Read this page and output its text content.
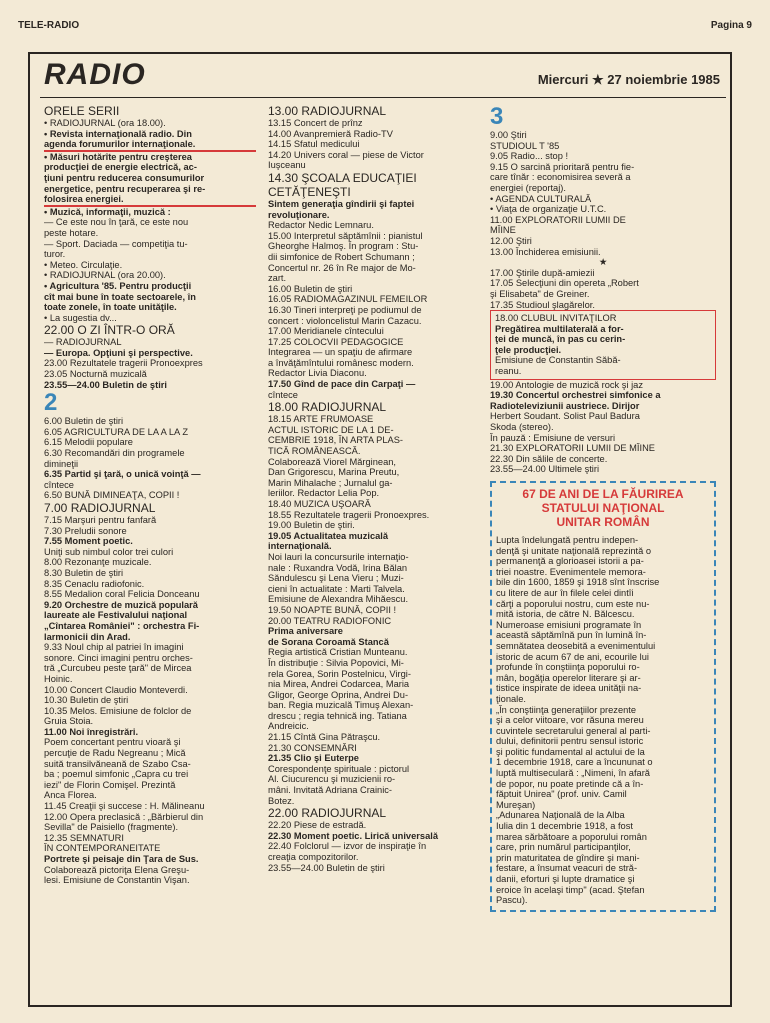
TELE-RADIO	Pagina 9
RADIO	Miercuri ★ 27 noiembrie 1985
ORELE SERII
• RADIOJURNAL (ora 18.00).
• Revista internaţională radio. Din
agenda forumurilor internaţionale.
• Măsuri hotărîte pentru creşterea
producţiei de energie electrică, ac-
ţiuni pentru reducerea consumurilor
energetice, pentru recuperarea şi re-
folosirea energiei.
• Muzică, informaţii, muzică :
— Ce este nou în ţară, ce este nou
peste hotare.
— Sport. Daciada — competiţia tu-
turor.
• Meteo. Circulaţie.
• RADIOJURNAL (ora 20.00).
• Agricultura '85. Pentru producţii
cît mai bune în toate sectoarele, în
toate zonele, în toate unităţile.
• La sugestia dv...
22.00 O ZI ÎNTR-O ORĂ
— RADIOJURNAL
— Europa. Opţiuni şi perspective.
23.00 Rezultatele tragerii Pronoexpres
23.05 Nocturnă muzicală
23.55—24.00 Buletin de ştiri
2
6.00 Buletin de ştiri
6.05 AGRICULTURA DE LA A LA Z
6.15 Melodii populare
6.30 Recomandări din programele
dimineţii
6.35 Partid şi ţară, o unică voinţă —
cîntece
6.50 BUNĂ DIMINEAŢA, COPII !
7.00 RADIOJURNAL
7.15 Marşuri pentru fanfară
7.30 Preludii sonore
7.55 Moment poetic.
Uniţi sub nimbul color trei culori
8.00 Rezonanţe muzicale.
8.30 Buletin de ştiri
8.35 Cenaclu radiofonic.
8.55 Medalion coral Felicia Donceanu
9.20 Orchestre de muzică populară
laureate ale Festivalului naţional
„Cîntarea României" : orchestra Fi-
larmonicii din Arad.
9.33 Noul chip al patriei în imagini
sonore. Cinci imagini pentru orches-
tră „Curcubeu peste ţară" de Mircea
Hoinic.
10.00 Concert Claudio Monteverdi.
10.30 Buletin de ştiri
10.35 Melos. Emisiune de folclor de
Gruia Stoia.
11.00 Noi înregistrări.
Poem concertant pentru vioară şi
percuţie de Radu Negreanu ; Mică
suită transilvăneană de Szabo Csa-
ba ; poemul simfonic „Capra cu trei
iezi" de Florin Comişel. Prezintă
Anca Florea.
11.45 Creaţii şi succese : H. Mălineanu
12.00 Opera preclasică : „Bărbierul din
Sevilla" de Paisiello (fragmente).
12.35 SEMNATURI
ÎN CONTEMPORANEITATE
Portrete şi peisaje din Ţara de Sus.
Colaborează pictoriţa Elena Greşu-
lesi. Emisiune de Constantin Vişan.
13.00 RADIOJURNAL
13.15 Concert de prînz
14.00 Avanpremieră Radio-TV
14.15 Sfatul medicului
14.20 Univers coral — piese de Victor
Iuşceanu
14.30 ŞCOALA EDUCAŢIEI
CETĂŢENEŞTI
Sintem generaţia gîndirii şi faptei
revoluţionare.
Redactor Nedic Lemnaru.
15.00 Interpretul săptămînii : pianistul
Gheorghe Halmoş. În program : Stu-
dii simfonice de Robert Schumann ;
Concertul nr. 26 în Re major de Mo-
zart.
16.00 Buletin de ştiri
16.05 RADIOMAGAZINUL FEMEILOR
16.30 Tineri interpreţi pe podiumul de
concert : violoncelistul Marin Cazacu.
17.00 Meridianele cîntecului
17.25 COLOCVII PEDAGOGICE
Integrarea — un spaţiu de afirmare
a învăţămîntului românesc modern.
Redactor Livia Diaconu.
17.50 Gînd de pace din Carpaţi —
cîntece
18.00 RADIOJURNAL
18.15 ARTE FRUMOASE
ACTUL ISTORIC DE LA 1 DE-
CEMBRIE 1918, ÎN ARTA PLAS-
TICĂ ROMÂNEASCĂ.
Colaborează Viorel Mărginean,
Dan Grigorescu, Marina Preutu,
Marin Mihalache ; Jurnalul ga-
leriilor. Redactor Lelia Pop.
18.40 MUZICA UŞOARĂ
18.55 Rezultatele tragerii Pronoexpres.
19.00 Buletin de ştiri.
19.05 Actualitatea muzicală
internaţională.
Noi lauri la concursurile internaţio-
nale : Ruxandra Vodă, Irina Bălan
Săndulescu şi Lena Vieru ; Muzi-
cieni în actualitate : Marti Talvela.
Emisiune de Alexandra Mihăescu.
19.50 NOAPTE BUNĂ, COPII !
20.00 TEATRU RADIOFONIC
Prima aniversare
de Sorana Coroamă Stancă
Regia artistică Cristian Munteanu.
În distribuţie : Silvia Popovici, Mi-
rela Gorea, Sorin Postelnicu, Virgi-
nia Mirea, Andrei Codarcea, Maria
Gligor, George Oprina, Andrei Du-
ban. Regia muzicală Timuş Alexan-
drescu ; regia tehnică ing. Tatiana
Andreicic.
21.15 Cîntă Gina Pătraşcu.
21.30 CONSEMNĂRI
21.35 Clio şi Euterpe
Corespondenţe spirituale : pictorul
Al. Ciucurencu şi muzicienii ro-
mâni. Invitată Adriana Crainic-
Botez.
22.00 RADIOJURNAL
22.20 Piese de estradă.
22.30 Moment poetic. Lirică universală
22.40 Folclorul — izvor de inspiraţie în
creaţia compozitorilor.
23.55—24.00 Buletin de ştiri
3
9.00 Ştiri
STUDIOUL T '85
9.05 Radio... stop !
9.15 O sarcină prioritară pentru fie-
care tînăr : economisirea severă a
energiei (reportaj).
• AGENDA CULTURALĂ
• Viaţa de organizaţie U.T.C.
11.00 EXPLORATORII LUMII DE
MÎINE
12.00 Ştiri
13.00 Închiderea emisiunii.
★
17.00 Ştirile după-amiezii
17.05 Selecţiuni din opereta „Robert
şi Elisabeta" de Greiner.
17.35 Studioul şlagărelor.
18.00 CLUBUL INVITAŢILOR
Pregătirea multilaterală a for-
ţei de muncă, în pas cu cerin-
ţele producţiei.
Emisiune de Constantin Săbă-
reanu.
19.00 Antologie de muzică rock şi jaz
19.30 Concertul orchestrei simfonice a
Radioteleviziunii austriece. Dirijor
Herbert Soudant. Solist Paul Badura
Skoda (stereo).
În pauză : Emisiune de versuri
21.30 EXPLORATORII LUMII DE MÎINE
22.30 Din sălile de concerte.
23.55—24.00 Ultimele ştiri
67 DE ANI DE LA FĂURIREA
STATULUI NAŢIONAL
UNITAR ROMÂN
Lupta îndelungată pentru indepen-
denţă şi unitate naţională reprezintă o
permanenţă a glorioasei istorii a pa-
triei noastre. Evenimentele memora-
bile din 1600, 1859 şi 1918 sînt înscrise
cu litere de aur în filele celei dintîi
cărţi a poporului nostru, cum este nu-
mită istoria, de către N. Bălcescu.
Numeroase emisiuni programate în
această săptămînă pun în lumină în-
semnătatea deosebită a evenimentului
istoric de acum 67 de ani, ecourile lui
profunde în conştiinţa poporului ro-
mân, bogăţia operelor literare şi ar-
tistice inspirate de ideea unităţii na-
ţionale.
„În conştiinţa generaţiilor prezente
şi a celor viitoare, vor răsuna mereu
cuvintele secretarului general al parti-
dului, definitorii pentru sensul istoric
şi politic fundamental al actului de la
1 decembrie 1918, care a încununat o
luptă multiseculară : „Nimeni, în afară
de popor, nu poate pretinde că a în-
făptuit Unirea" (prof. univ. Camil
Mureşan)
„Adunarea Naţională de la Alba
Iulia din 1 decembrie 1918, a fost
marea sărbătoare a poporului român
care, prin numărul participanţilor,
prin maturitatea de gîndire şi mani-
festare, a însumat veacuri de stră-
danii, eforturi şi lupte dramatice şi
eroice în acelaşi timp" (acad. Ştefan
Pascu).
